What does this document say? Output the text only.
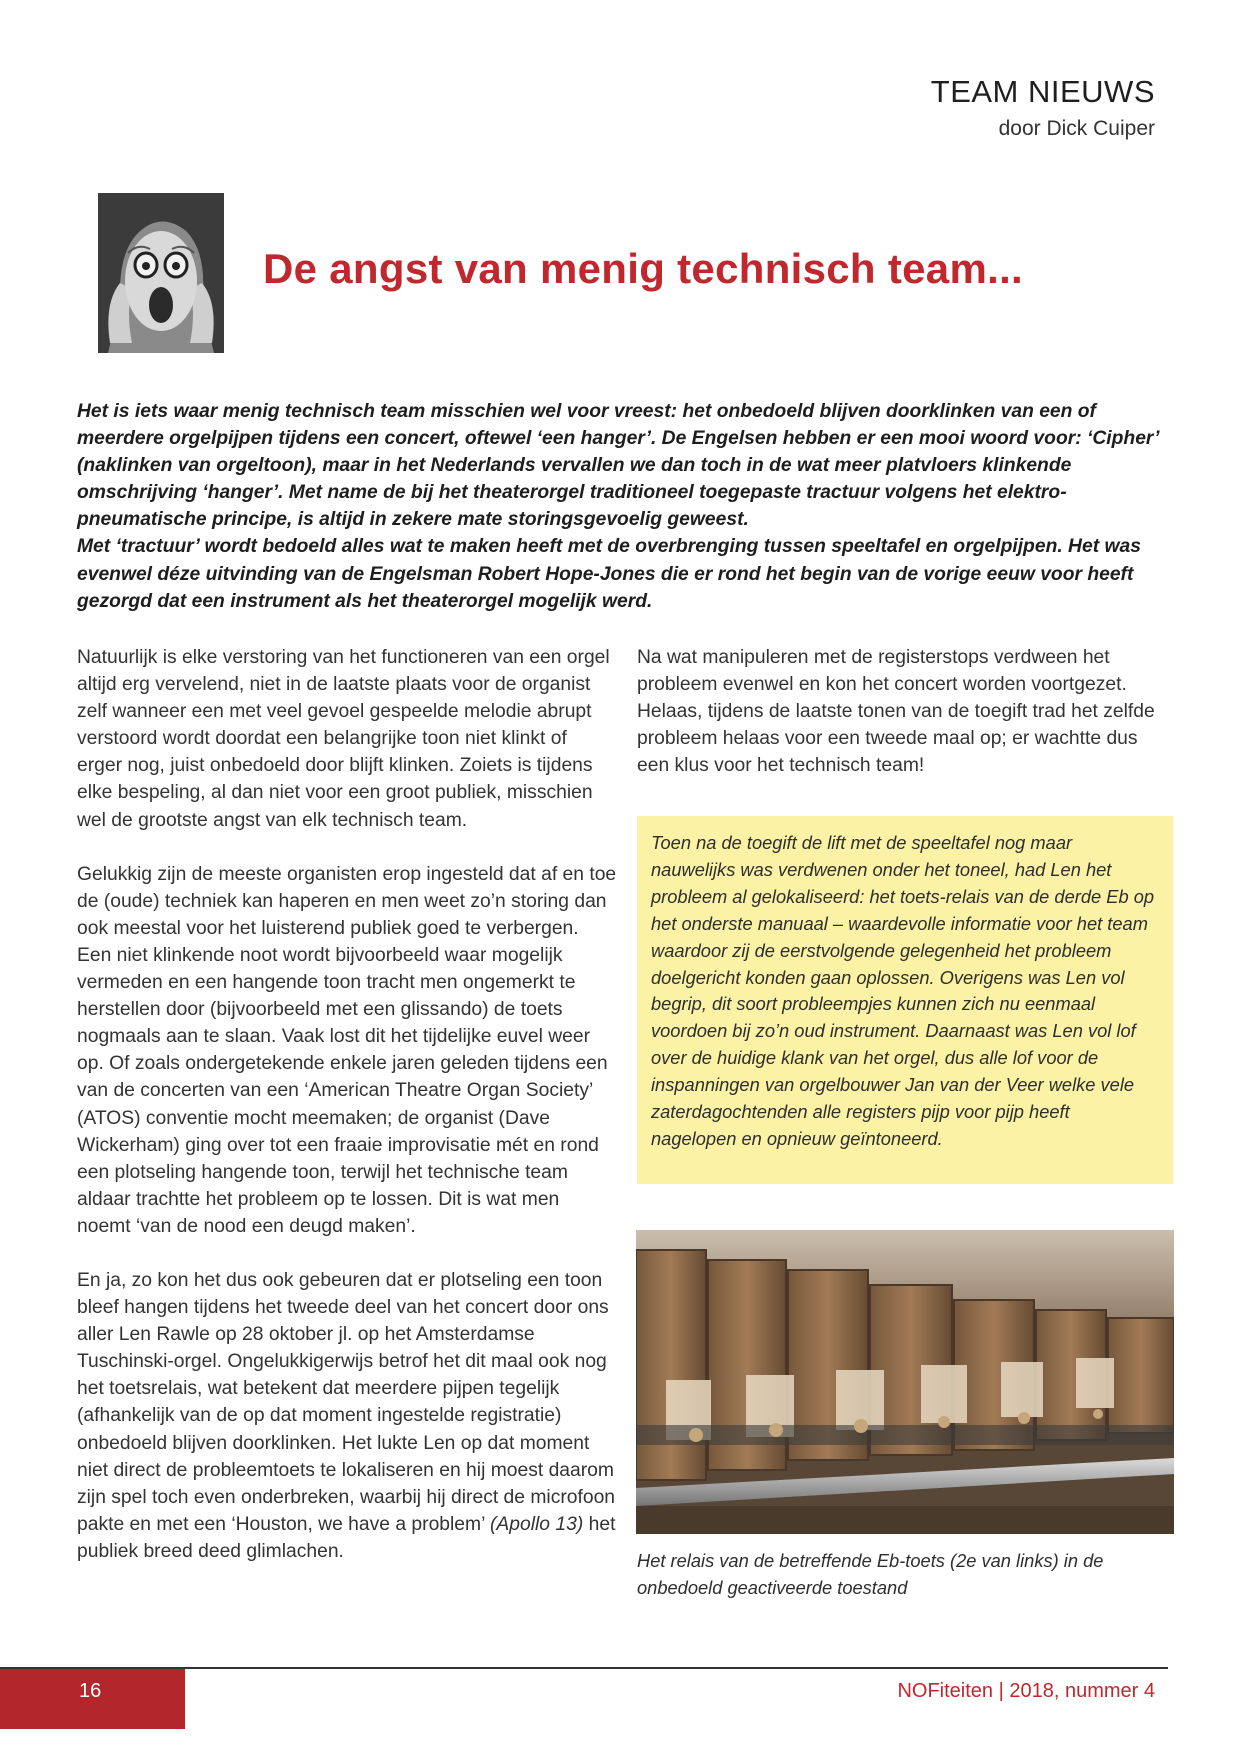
TEAM NIEUWS
door Dick Cuiper
De angst van menig technisch team...

Het is iets waar menig technisch team misschien wel voor vreest: het onbedoeld blijven doorklinken van een of meerdere orgelpijpen tijdens een concert, oftewel ‘een hanger’. De Engelsen hebben er een mooi woord voor: ‘Cipher’ (naklinken van orgeltoon), maar in het Nederlands vervallen we dan toch in de wat meer platvloers klinkende omschrijving ‘hanger’. Met name de bij het theaterorgel traditioneel toegepaste tractuur volgens het elektro-pneumatische principe, is altijd in zekere mate storingsgevoelig geweest.

Met ‘tractuur’ wordt bedoeld alles wat te maken heeft met de overbrenging tussen speeltafel en orgelpijpen. Het was evenwel déze uitvinding van de Engelsman Robert Hope-Jones die er rond het begin van de vorige eeuw voor heeft gezorgd dat een instrument als het theaterorgel mogelijk werd.

Natuurlijk is elke verstoring van het functioneren van een orgel altijd erg vervelend, niet in de laatste plaats voor de organist zelf wanneer een met veel gevoel gespeelde melodie abrupt verstoord wordt doordat een belangrijke toon niet klinkt of erger nog, juist onbedoeld door blijft klinken. Zoiets is tijdens elke bespeling, al dan niet voor een groot publiek, misschien wel de grootste angst van elk technisch team.

Gelukkig zijn de meeste organisten erop ingesteld dat af en toe de (oude) techniek kan haperen en men weet zo’n storing dan ook meestal voor het luisterend publiek goed te verbergen. Een niet klinkende noot wordt bijvoorbeeld waar mogelijk vermeden en een hangende toon tracht men ongemerkt te herstellen door (bijvoorbeeld met een glissando) de toets nogmaals aan te slaan. Vaak lost dit het tijdelijke euvel weer op. Of zoals ondergetekende enkele jaren geleden tijdens een van de concerten van een ‘American Theatre Organ Society’ (ATOS) conventie mocht meemaken; de organist (Dave Wickerham) ging over tot een fraaie improvisatie mét en rond een plotseling hangende toon, terwijl het technische team aldaar trachtte het probleem op te lossen. Dit is wat men noemt ‘van de nood een deugd maken’.

En ja, zo kon het dus ook gebeuren dat er plotseling een toon bleef hangen tijdens het tweede deel van het concert door ons aller Len Rawle op 28 oktober jl. op het Amsterdamse Tuschinski-orgel. Ongelukkigerwijs betrof het dit maal ook nog het toetsrelais, wat betekent dat meerdere pijpen tegelijk (afhankelijk van de op dat moment ingestelde registratie) onbedoeld blijven doorklinken. Het lukte Len op dat moment niet direct de probleemtoets te lokaliseren en hij moest daarom zijn spel toch even onderbreken, waarbij hij direct de microfoon pakte en met een ‘Houston, we have a problem’ (Apollo 13) het publiek breed deed glimlachen.

Na wat manipuleren met de registerstops verdween het probleem evenwel en kon het concert worden voortgezet. Helaas, tijdens de laatste tonen van de toegift trad het zelfde probleem helaas voor een tweede maal op; er wachtte dus een klus voor het technisch team!

Toen na de toegift de lift met de speeltafel nog maar nauwelijks was verdwenen onder het toneel, had Len het probleem al gelokaliseerd: het toets-relais van de derde Eb op het onderste manuaal – waardevolle informatie voor het team waardoor zij de eerstvolgende gelegenheid het probleem doelgericht konden gaan oplossen. Overigens was Len vol begrip, dit soort probleempjes kunnen zich nu eenmaal voordoen bij zo’n oud instrument. Daarnaast was Len vol lof over de huidige klank van het orgel, dus alle lof voor de inspanningen van orgelbouwer Jan van der Veer welke vele zaterdagochtenden alle registers pijp voor pijp heeft nagelopen en opnieuw geïntoneerd.

Het relais van de betreffende Eb-toets (2e van links) in de onbedoeld geactiveerde toestand
16	NOFiteiten | 2018, nummer 4
